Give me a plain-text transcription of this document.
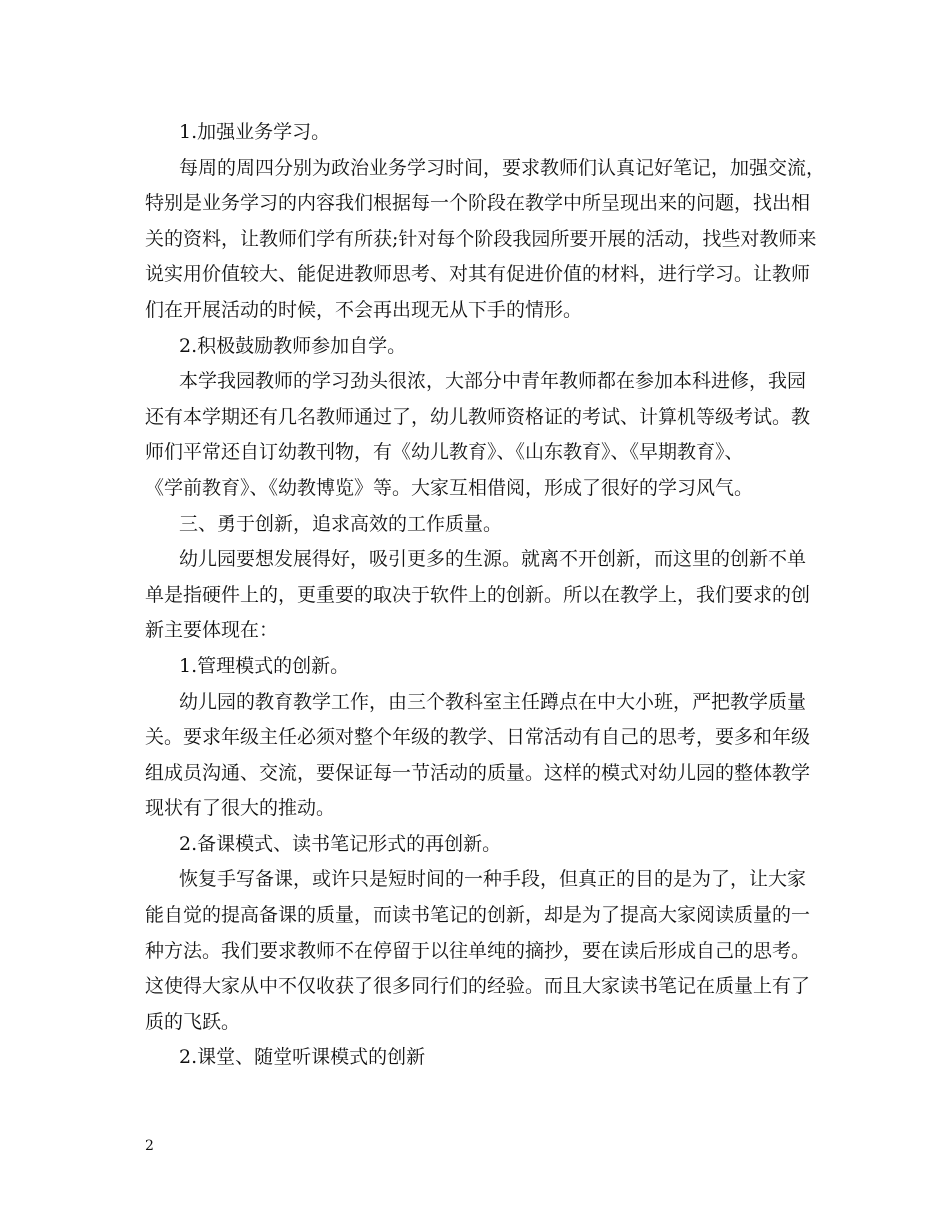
1.加强业务学习。
每周的周四分别为政治业务学习时间，要求教师们认真记好笔记，加强交流，
特别是业务学习的内容我们根据每一个阶段在教学中所呈现出来的问题，找出相
关的资料，让教师们学有所获;针对每个阶段我园所要开展的活动，找些对教师来
说实用价值较大、能促进教师思考、对其有促进价值的材料，进行学习。让教师
们在开展活动的时候，不会再出现无从下手的情形。
2.积极鼓励教师参加自学。
本学我园教师的学习劲头很浓，大部分中青年教师都在参加本科进修，我园
还有本学期还有几名教师通过了，幼儿教师资格证的考试、计算机等级考试。教
师们平常还自订幼教刊物，有《幼儿教育》、《山东教育》、《早期教育》、
《学前教育》、《幼教博览》等。大家互相借阅，形成了很好的学习风气。
三、勇于创新，追求高效的工作质量。
幼儿园要想发展得好，吸引更多的生源。就离不开创新，而这里的创新不单
单是指硬件上的，更重要的取决于软件上的创新。所以在教学上，我们要求的创
新主要体现在：
1.管理模式的创新。
幼儿园的教育教学工作，由三个教科室主任蹲点在中大小班，严把教学质量
关。要求年级主任必须对整个年级的教学、日常活动有自己的思考，要多和年级
组成员沟通、交流，要保证每一节活动的质量。这样的模式对幼儿园的整体教学
现状有了很大的推动。
2.备课模式、读书笔记形式的再创新。
恢复手写备课，或许只是短时间的一种手段，但真正的目的是为了，让大家
能自觉的提高备课的质量，而读书笔记的创新，却是为了提高大家阅读质量的一
种方法。我们要求教师不在停留于以往单纯的摘抄，要在读后形成自己的思考。
这使得大家从中不仅收获了很多同行们的经验。而且大家读书笔记在质量上有了
质的飞跃。
2.课堂、随堂听课模式的创新
2
